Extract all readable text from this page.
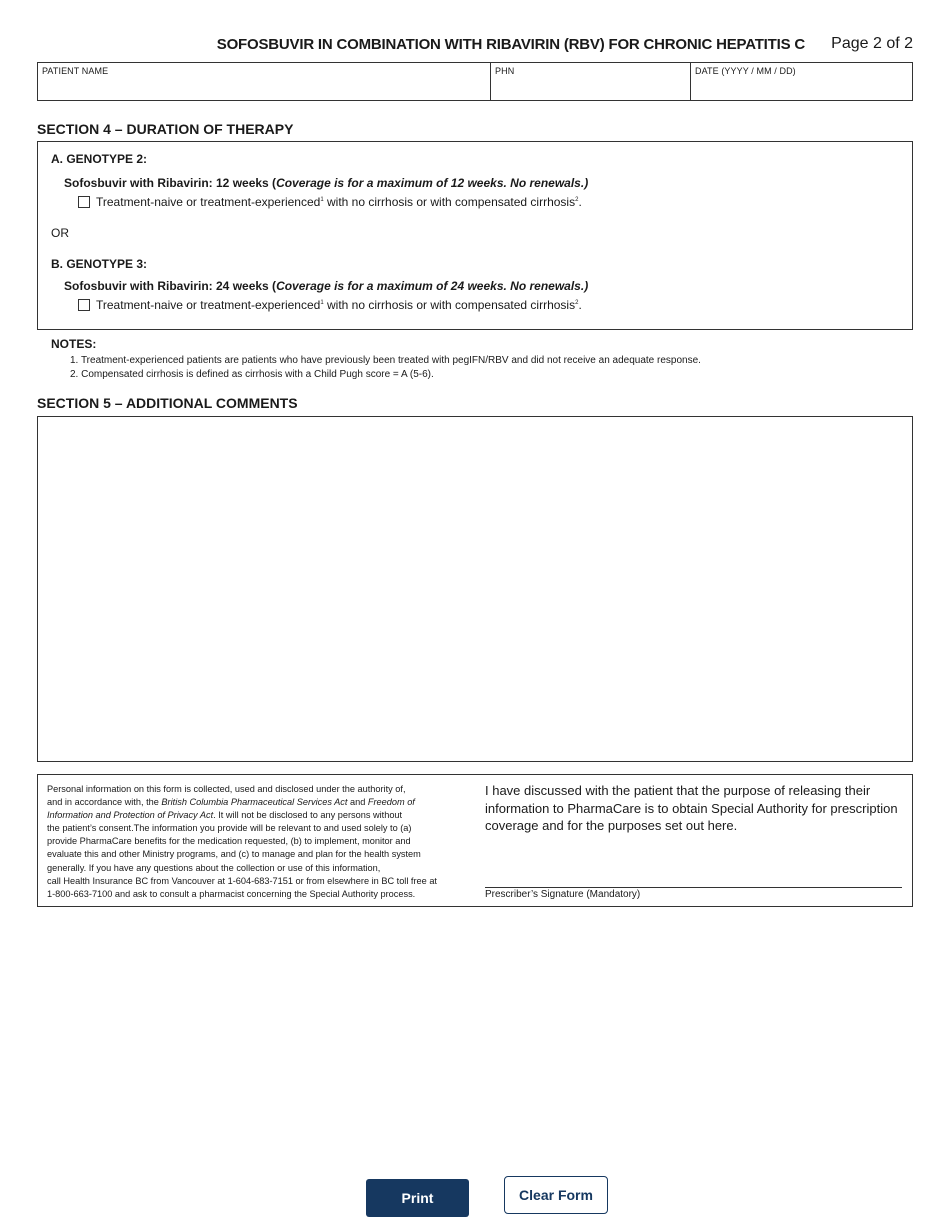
SOFOSBUVIR IN COMBINATION WITH RIBAVIRIN (RBV) FOR CHRONIC HEPATITIS C Page 2 of 2
PATIENT NAME	PHN	DATE (YYYY / MM / DD)
SECTION 4 – DURATION OF THERAPY
A. GENOTYPE 2:
Sofosbuvir with Ribavirin: 12 weeks (Coverage is for a maximum of 12 weeks. No renewals.)
Treatment-naive or treatment-experienced$^1$ with no cirrhosis or with compensated cirrhosis$^2$.
OR
B. GENOTYPE 3:
Sofosbuvir with Ribavirin: 24 weeks (Coverage is for a maximum of 24 weeks. No renewals.)
Treatment-naive or treatment-experienced$^1$ with no cirrhosis or with compensated cirrhosis$^2$.
NOTES:
1. Treatment-experienced patients are patients who have previously been treated with pegIFN/RBV and did not receive an adequate response.
2. Compensated cirrhosis is defined as cirrhosis with a Child Pugh score = A (5-6).
SECTION 5 – ADDITIONAL COMMENTS
Personal information on this form is collected, used and disclosed under the authority of,
and in accordance with, the British Columbia Pharmaceutical Services Act and Freedom of
Information and Protection of Privacy Act. It will not be disclosed to any persons without
the patient’s consent.The information you provide will be relevant to and used solely to (a)
provide PharmaCare benefits for the medication requested, (b) to implement, monitor and
evaluate this and other Ministry programs, and (c) to manage and plan for the health system
generally. If you have any questions about the collection or use of this information,
call Health Insurance BC from Vancouver at 1-604-683-7151 or from elsewhere in BC toll free at
1-800-663-7100 and ask to consult a pharmacist concerning the Special Authority process.
I have discussed with the patient that the purpose of releasing their
information to PharmaCare is to obtain Special Authority for prescription
coverage and for the purposes set out here.
Prescriber’s Signature (Mandatory)
Print	Clear Form
